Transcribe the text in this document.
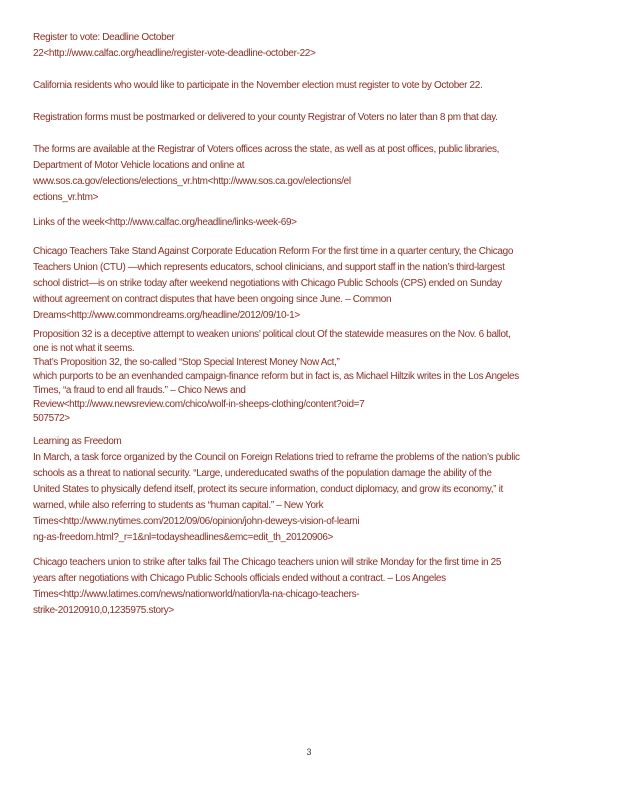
Register to vote: Deadline October
22<http://www.calfac.org/headline/register-vote-deadline-october-22>
California residents who would like to participate in the November election must register to vote by October 22.
Registration forms must be postmarked or delivered to your county Registrar of Voters no later than 8 pm that day.
The forms are available at the Registrar of Voters offices across the state, as well as at post offices, public libraries,
Department of Motor Vehicle locations and online at
www.sos.ca.gov/elections/elections_vr.htm<http://www.sos.ca.gov/elections/el
ections_vr.htm>
Links of the week<http://www.calfac.org/headline/links-week-69>
Chicago Teachers Take Stand Against Corporate Education Reform For the first time in a quarter century, the Chicago
Teachers Union (CTU) —which represents educators, school clinicians, and support staff in the nation’s third-largest
school district—is on strike today after weekend negotiations with Chicago Public Schools (CPS) ended on Sunday
without agreement on contract disputes that have been ongoing since June. – Common
Dreams<http://www.commondreams.org/headline/2012/09/10-1>
Proposition 32 is a deceptive attempt to weaken unions’ political clout Of the statewide measures on the Nov. 6 ballot,
one is not what it seems.
That’s Proposition 32, the so-called “Stop Special Interest Money Now Act,”
which purports to be an evenhanded campaign-finance reform but in fact is, as Michael Hiltzik writes in the Los Angeles
Times, “a fraud to end all frauds.” – Chico News and
Review<http://www.newsreview.com/chico/wolf-in-sheeps-clothing/content?oid=7
507572>
Learning as Freedom
In March, a task force organized by the Council on Foreign Relations tried to reframe the problems of the nation’s public
schools as a threat to national security. “Large, undereducated swaths of the population damage the ability of the
United States to physically defend itself, protect its secure information, conduct diplomacy, and grow its economy,” it
warned, while also referring to students as “human capital.” – New York
Times<http://www.nytimes.com/2012/09/06/opinion/john-deweys-vision-of-learni
ng-as-freedom.html?_r=1&nl=todaysheadlines&emc=edit_th_20120906>
Chicago teachers union to strike after talks fail The Chicago teachers union will strike Monday for the first time in 25
years after negotiations with Chicago Public Schools officials ended without a contract. – Los Angeles
Times<http://www.latimes.com/news/nationworld/nation/la-na-chicago-teachers-
strike-20120910,0,1235975.story>
3
